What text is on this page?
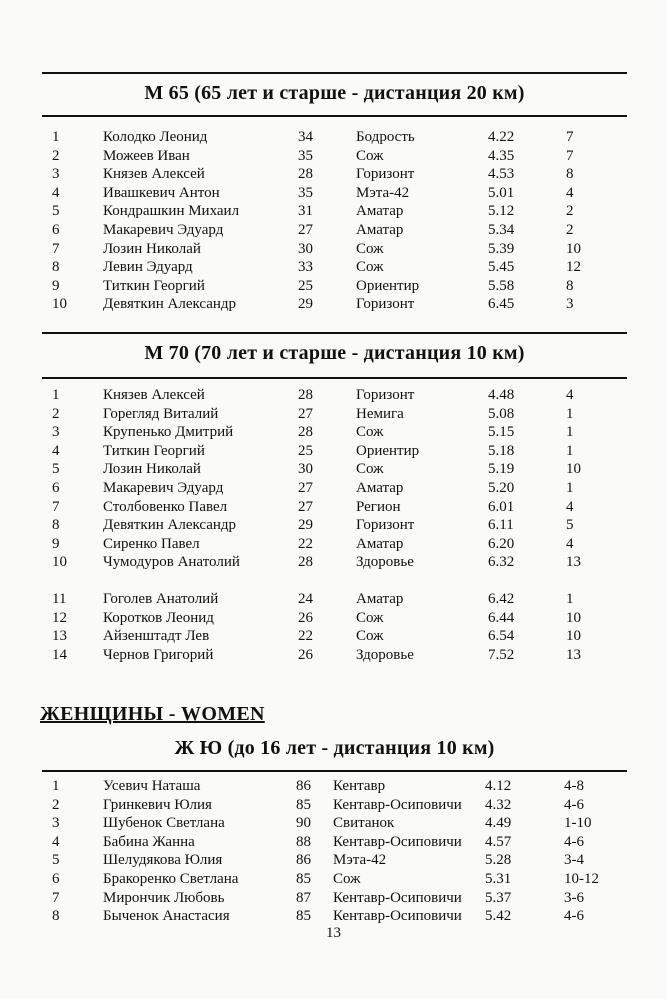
М 65 (65 лет и старше - дистанция 20 км)
1	Колодко Леонид	34	Бодрость	4.22	7
2	Можеев Иван	35	Сож	4.35	7
3	Князев Алексей	28	Горизонт	4.53	8
4	Ивашкевич Антон	35	Мэта-42	5.01	4
5	Кондрашкин Михаил	31	Аматар	5.12	2
6	Макаревич Эдуард	27	Аматар	5.34	2
7	Лозин Николай	30	Сож	5.39	10
8	Левин Эдуард	33	Сож	5.45	12
9	Титкин Георгий	25	Ориентир	5.58	8
10 Девяткин Александр	29	Горизонт	6.45	3
М 70 (70 лет и старше - дистанция 10 км)
1	Князев Алексей	28	Горизонт	4.48	4
2	Горегляд Виталий	27	Немига	5.08	1
3	Крупенько Дмитрий	28	Сож	5.15	1
4	Титкин Георгий	25	Ориентир	5.18	1
5	Лозин Николай	30	Сож	5.19	10
6	Макаревич Эдуард	27	Аматар	5.20	1
7	Столбовенко Павел	27	Регион	6.01	4
8	Девяткин Александр	29	Горизонт	6.11	5
9	Сиренко Павел	22	Аматар	6.20	4
10 Чумодуров Анатолий	28	Здоровье	6.32	13
11 Гоголев Анатолий	24	Аматар	6.42	1
12 Коротков Леонид	26	Сож	6.44	10
13 Айзенштадт Лев	22	Сож	6.54	10
14 Чернов Григорий	26	Здоровье	7.52	13
ЖЕНЩИНЫ - WOMEN
Ж Ю (до 16 лет - дистанция 10 км)
1	Усевич Наташа	86 Кентавр	4.12	4-8
2	Гринкевич Юлия	85 Кентавр-Осиповичи 4.32	4-6
3	Шубенок Светлана	90 Свитанок	4.49	1-10
4	Бабина Жанна	88 Кентавр-Осиповичи 4.57	4-6
5	Шелудякова Юлия	86 Мэта-42	5.28	3-4
6	Бракоренко Светлана	85 Сож	5.31	10-12
7	Мирончик Любовь	87 Кентавр-Осиповичи 5.37	3-6
8	Быченок Анастасия	85 Кентавр-Осиповичи 5.42	4-6
13
